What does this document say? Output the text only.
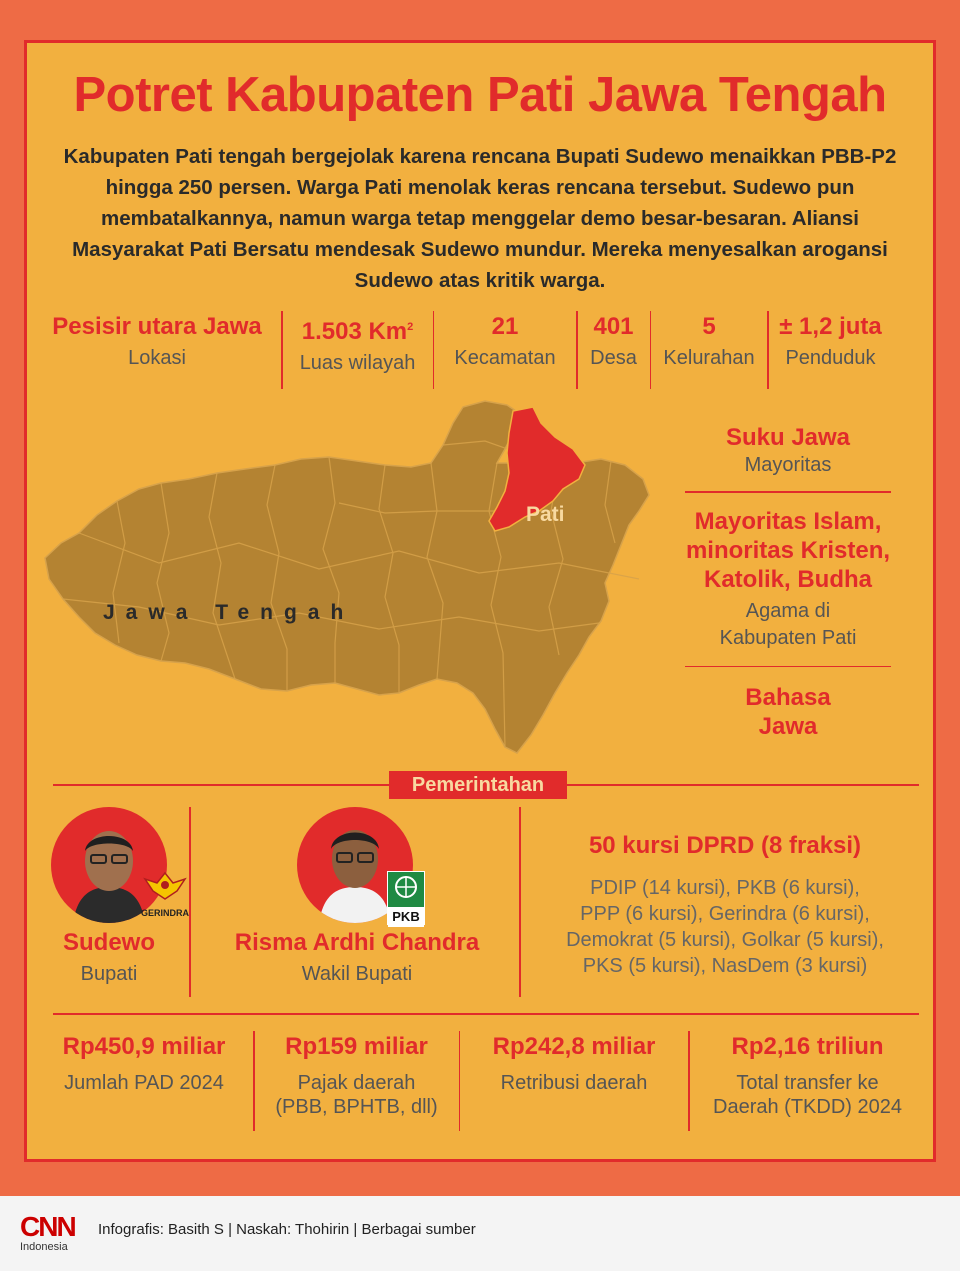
Potret Kabupaten Pati Jawa Tengah

Kabupaten Pati tengah bergejolak karena rencana Bupati Sudewo menaikkan PBB-P2 hingga 250 persen. Warga Pati menolak keras rencana tersebut. Sudewo pun membatalkannya, namun warga tetap menggelar demo besar-besaran. Aliansi Masyarakat Pati Bersatu mendesak Sudewo mundur. Mereka menyesalkan arogansi Sudewo atas kritik warga.

Pesisir utara Jawa
Lokasi
1.503 Km$^2$
Luas wilayah
21
Kecamatan
401
Desa
5
Kelurahan
± 1,2 juta
Penduduk
Pati
Jawa Tengah
Suku Jawa
Mayoritas
Mayoritas Islam,
minoritas Kristen,
Katolik, Budha
Agama di
Kabupaten Pati
Bahasa
Jawa
Pemerintahan
GERINDRA
Sudewo
Bupati
PKB
Risma Ardhi Chandra
Wakil Bupati
50 kursi DPRD (8 fraksi)
PDIP (14 kursi), PKB (6 kursi),
PPP (6 kursi), Gerindra (6 kursi),
Demokrat (5 kursi), Golkar (5 kursi),
PKS (5 kursi), NasDem (3 kursi)
Rp450,9 miliar
Jumlah PAD 2024
Rp159 miliar
Pajak daerah
(PBB, BPHTB, dll)
Rp242,8 miliar
Retribusi daerah
Rp2,16 triliun
Total transfer ke
Daerah (TKDD) 2024
CNN
Indonesia
Infografis: Basith S | Naskah: Thohirin | Berbagai sumber
